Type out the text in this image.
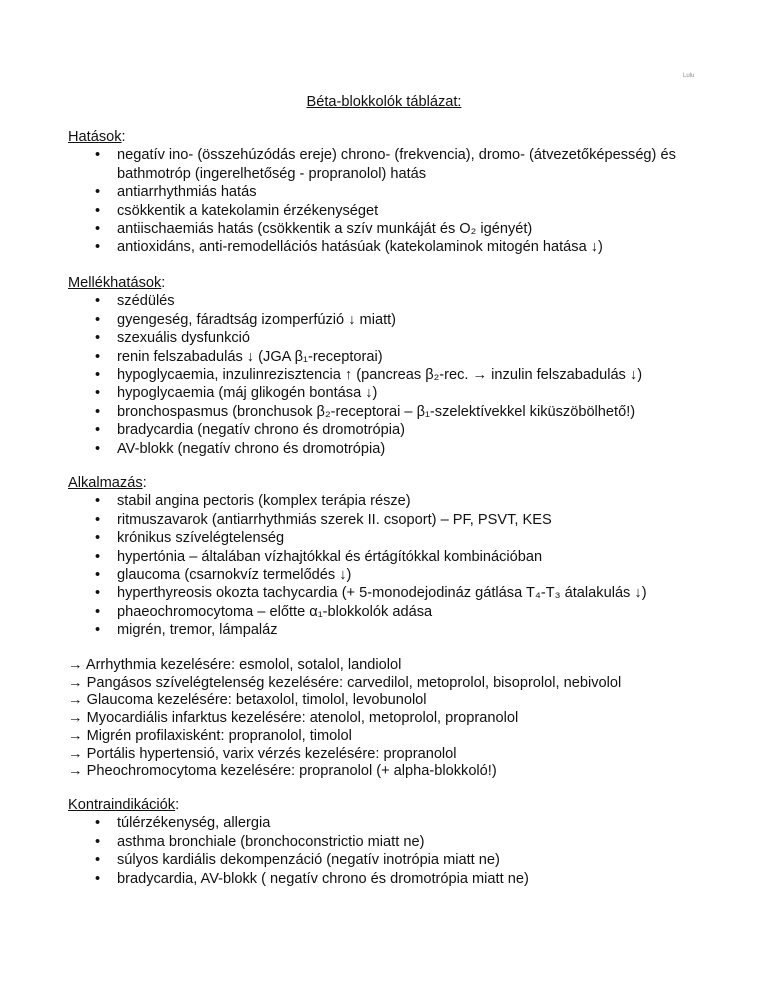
Lulu
Béta-blokkolók táblázat:
Hatások:
• negatív ino- (összehúzódás ereje) chrono- (frekvencia), dromo- (átvezetőképesség) és bathmotróp (ingerelhetőség - propranolol) hatás
• antiarrhythmiás hatás
• csökkentik a katekolamin érzékenységet
• antiischaemiás hatás (csökkentik a szív munkáját és O₂ igényét)
• antioxidáns, anti-remodellációs hatásúak (katekolaminok mitogén hatása ↓)
Mellékhatások:
• szédülés
• gyengeség, fáradtság izomperfúzió ↓ miatt)
• szexuális dysfunkció
• renin felszabadulás ↓ (JGA β₁-receptorai)
• hypoglycaemia, inzulinrezisztencia ↑ (pancreas β₂-rec. → inzulin felszabadulás ↓)
• hypoglycaemia (máj glikogén bontása ↓)
• bronchospasmus (bronchusok β₂-receptorai – β₁-szelektívekkel kiküszöbölhető!)
• bradycardia (negatív chrono és dromotrópia)
• AV-blokk (negatív chrono és dromotrópia)
Alkalmazás:
• stabil angina pectoris (komplex terápia része)
• ritmuszavarok (antiarrhythmiás szerek II. csoport) – PF, PSVT, KES
• krónikus szívelégtelenség
• hypertónia – általában vízhajtókkal és értágítókkal kombinációban
• glaucoma (csarnokvíz termelődés ↓)
• hyperthyreosis okozta tachycardia (+ 5-monodejodináz gátlása T₄-T₃ átalakulás ↓)
• phaeochromocytoma – előtte α₁-blokkolók adása
• migrén, tremor, lámpaláz
→ Arrhythmia kezelésére: esmolol, sotalol, landiolol
→ Pangásos szívelégtelenség kezelésére: carvedilol, metoprolol, bisoprolol, nebivolol
→ Glaucoma kezelésére: betaxolol, timolol, levobunolol
→ Myocardiális infarktus kezelésére: atenolol, metoprolol, propranolol
→ Migrén profilaxisként: propranolol, timolol
→ Portális hypertensió, varix vérzés kezelésére: propranolol
→ Pheochromocytoma kezelésére: propranolol (+ alpha-blokkoló!)
Kontraindikációk:
• túlérzékenység, allergia
• asthma bronchiale (bronchoconstrictio miatt ne)
• súlyos kardiális dekompenzáció (negatív inotrópia miatt ne)
• bradycardia, AV-blokk ( negatív chrono és dromotrópia miatt ne)
